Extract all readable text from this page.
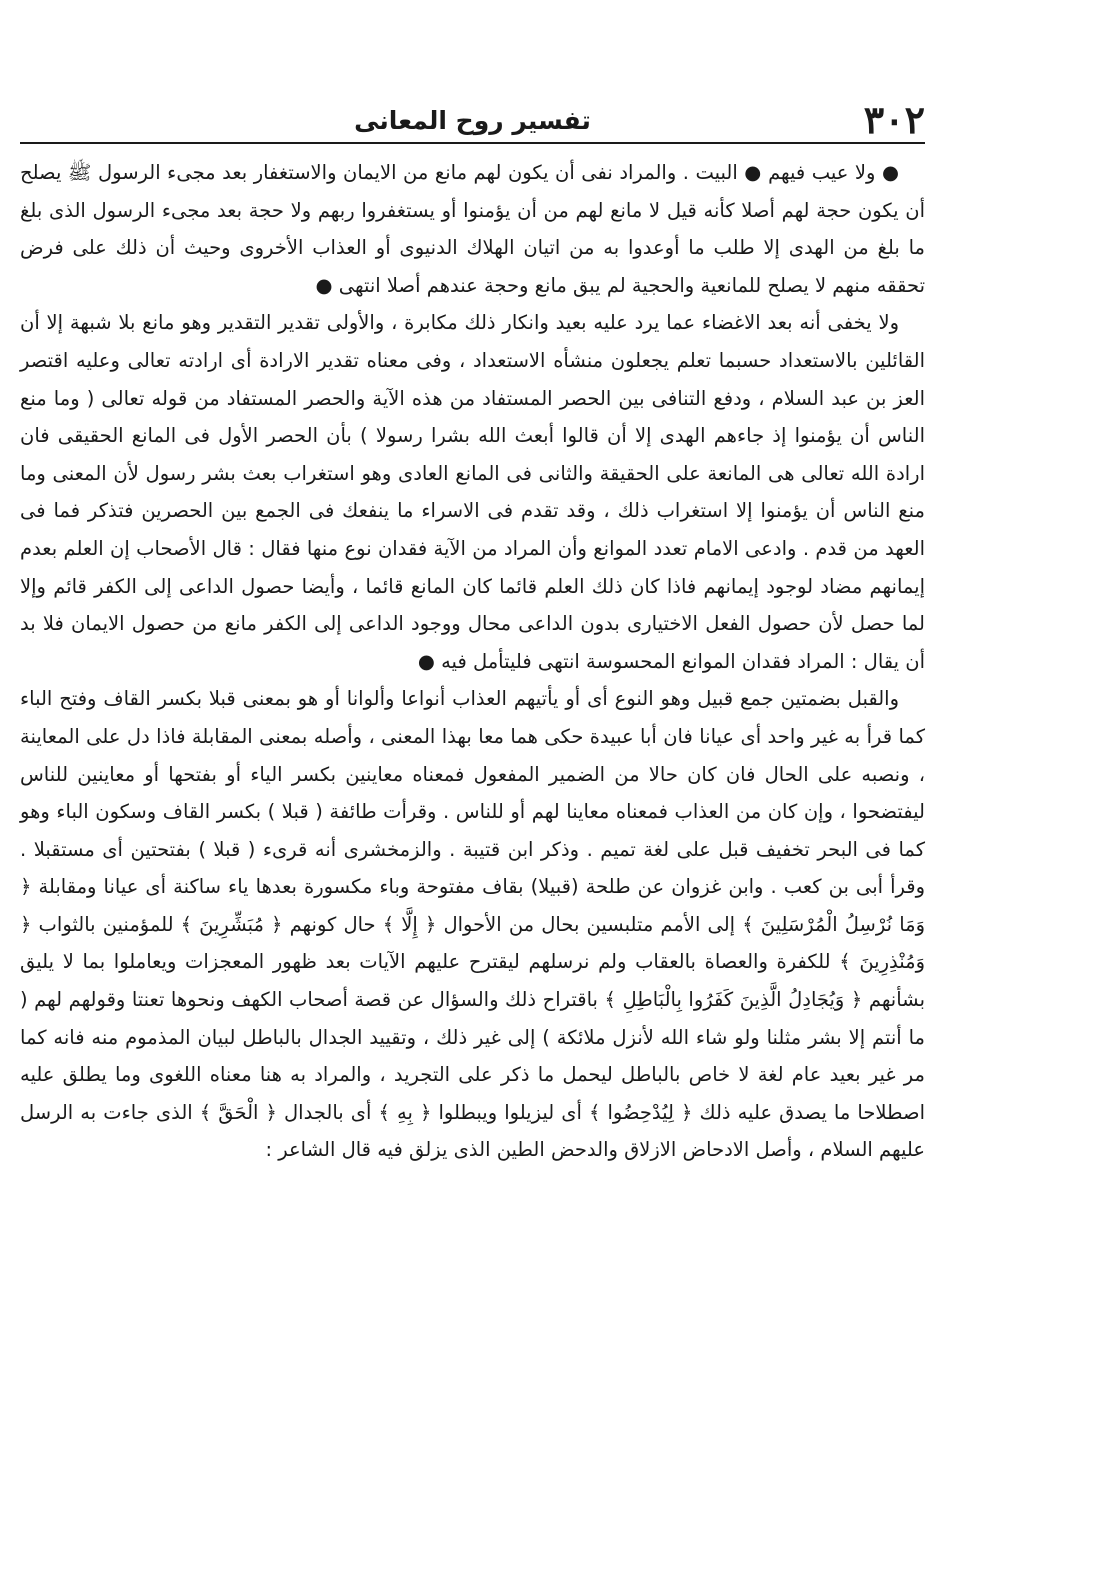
٣٠٢
تفسير روح المعانى

● ولا عيب فيهم ● البيت . والمراد نفى أن يكون لهم مانع من الايمان والاستغفار بعد مجىء الرسول ﷺ يصلح أن يكون حجة لهم أصلا كأنه قيل لا مانع لهم من أن يؤمنوا أو يستغفروا ربهم ولا حجة بعد مجىء الرسول الذى بلغ ما بلغ من الهدى إلا طلب ما أوعدوا به من اتيان الهلاك الدنيوى أو العذاب الأخروى وحيث أن ذلك على فرض تحققه منهم لا يصلح للمانعية والحجية لم يبق مانع وحجة عندهم أصلا انتهى ●

ولا يخفى أنه بعد الاغضاء عما يرد عليه بعيد وانكار ذلك مكابرة ، والأولى تقدير التقدير وهو مانع بلا شبهة إلا أن القائلين بالاستعداد حسبما تعلم يجعلون منشأه الاستعداد ، وفى معناه تقدير الارادة أى ارادته تعالى وعليه اقتصر العز بن عبد السلام ، ودفع التنافى بين الحصر المستفاد من هذه الآية والحصر المستفاد من قوله تعالى ( وما منع الناس أن يؤمنوا إذ جاءهم الهدى إلا أن قالوا أبعث الله بشرا رسولا ) بأن الحصر الأول فى المانع الحقيقى فان ارادة الله تعالى هى المانعة على الحقيقة والثانى فى المانع العادى وهو استغراب بعث بشر رسول لأن المعنى وما منع الناس أن يؤمنوا إلا استغراب ذلك ، وقد تقدم فى الاسراء ما ينفعك فى الجمع بين الحصرين فتذكر فما فى العهد من قدم . وادعى الامام تعدد الموانع وأن المراد من الآية فقدان نوع منها فقال : قال الأصحاب إن العلم بعدم إيمانهم مضاد لوجود إيمانهم فاذا كان ذلك العلم قائما كان المانع قائما ، وأيضا حصول الداعى إلى الكفر قائم وإلا لما حصل لأن حصول الفعل الاختيارى بدون الداعى محال ووجود الداعى إلى الكفر مانع من حصول الايمان فلا بد أن يقال : المراد فقدان الموانع المحسوسة انتهى فليتأمل فيه ●

والقبل بضمتين جمع قبيل وهو النوع أى أو يأتيهم العذاب أنواعا وألوانا أو هو بمعنى قبلا بكسر القاف وفتح الباء كما قرأ به غير واحد أى عيانا فان أبا عبيدة حكى هما معا بهذا المعنى ، وأصله بمعنى المقابلة فاذا دل على المعاينة ، ونصبه على الحال فان كان حالا من الضمير المفعول فمعناه معاينين بكسر الياء أو بفتحها أو معاينين للناس ليفتضحوا ، وإن كان من العذاب فمعناه معاينا لهم أو للناس . وقرأت طائفة ( قبلا ) بكسر القاف وسكون الباء وهو كما فى البحر تخفيف قبل على لغة تميم . وذكر ابن قتيبة . والزمخشرى أنه قرىء ( قبلا ) بفتحتين أى مستقبلا . وقرأ أبى بن كعب . وابن غزوان عن طلحة (قبيلا) بقاف مفتوحة وباء مكسورة بعدها ياء ساكنة أى عيانا ومقابلة ﴿ وَمَا نُرْسِلُ الْمُرْسَلِينَ ﴾ إلى الأمم متلبسين بحال من الأحوال ﴿ إِلَّا ﴾ حال كونهم ﴿ مُبَشِّرِينَ ﴾ للمؤمنين بالثواب ﴿ وَمُنْذِرِينَ ﴾ للكفرة والعصاة بالعقاب ولم نرسلهم ليقترح عليهم الآيات بعد ظهور المعجزات ويعاملوا بما لا يليق بشأنهم ﴿ وَيُجَادِلُ الَّذِينَ كَفَرُوا بِالْبَاطِلِ ﴾ باقتراح ذلك والسؤال عن قصة أصحاب الكهف ونحوها تعنتا وقولهم لهم ( ما أنتم إلا بشر مثلنا ولو شاء الله لأنزل ملائكة ) إلى غير ذلك ، وتقييد الجدال بالباطل لبيان المذموم منه فانه كما مر غير بعيد عام لغة لا خاص بالباطل ليحمل ما ذكر على التجريد ، والمراد به هنا معناه اللغوى وما يطلق عليه اصطلاحا ما يصدق عليه ذلك ﴿ لِيُدْحِضُوا ﴾ أى ليزيلوا ويبطلوا ﴿ بِهِ ﴾ أى بالجدال ﴿ الْحَقَّ ﴾ الذى جاءت به الرسل عليهم السلام ، وأصل الادحاض الازلاق والدحض الطين الذى يزلق فيه قال الشاعر :
